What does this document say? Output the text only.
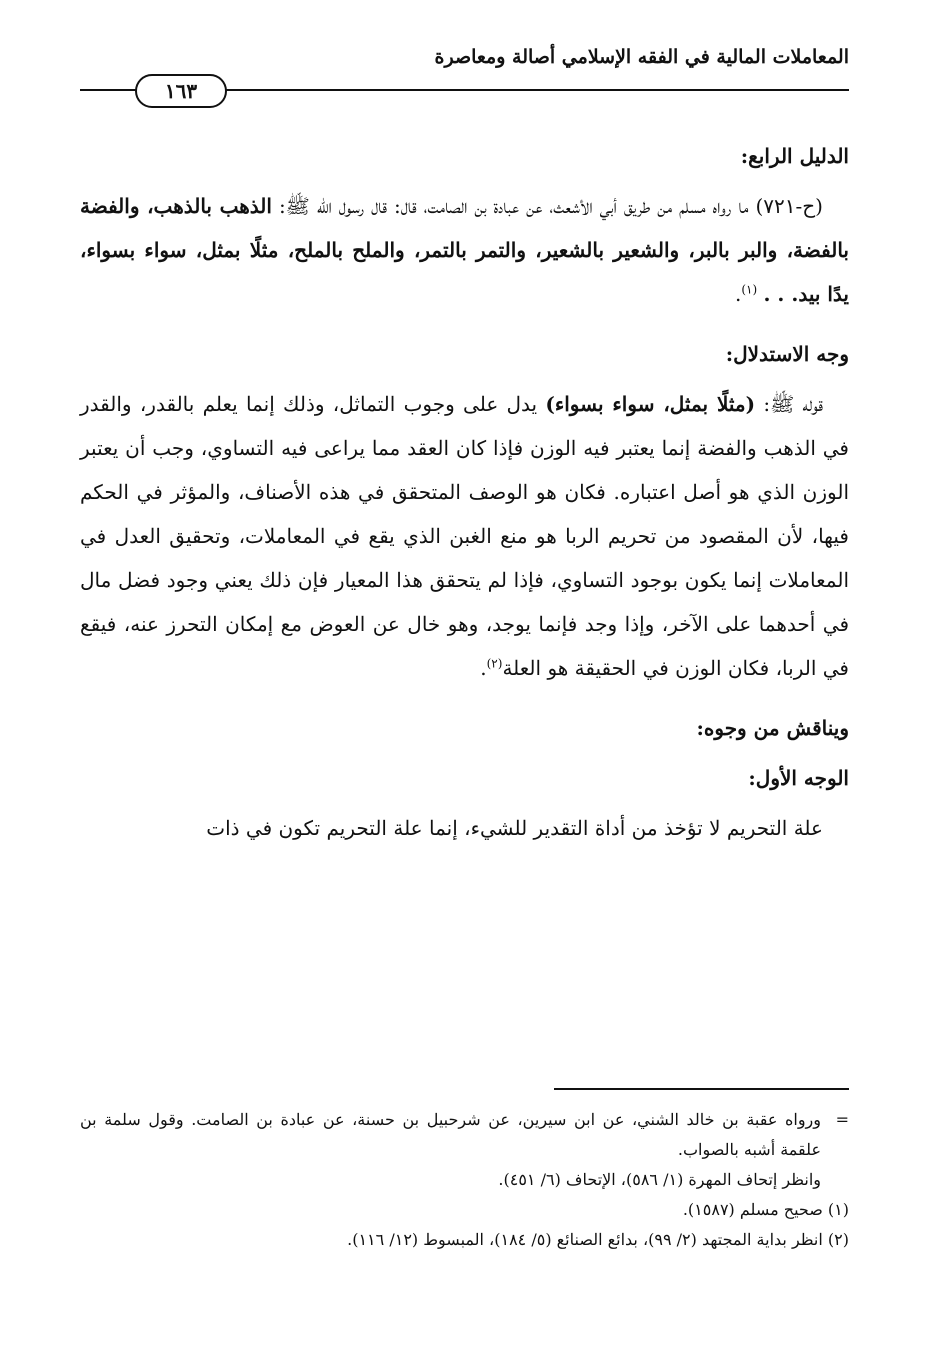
المعاملات المالية في الفقه الإسلامي أصالة ومعاصرة
١٦٣

الدليل الرابع:

(ح-٧٢١) ما رواه مسلم من طريق أبي الأشعث، عن عبادة بن الصامت، قال: قال رسول الله ﷺ: الذهب بالذهب، والفضة بالفضة، والبر بالبر، والشعير بالشعير، والتمر بالتمر، والملح بالملح، مثلًا بمثل، سواء بسواء، يدًا بيد. . . $^{(١)}$.

وجه الاستدلال:

قوله ﷺ: (مثلًا بمثل، سواء بسواء) يدل على وجوب التماثل، وذلك إنما يعلم بالقدر، والقدر في الذهب والفضة إنما يعتبر فيه الوزن فإذا كان العقد مما يراعى فيه التساوي، وجب أن يعتبر الوزن الذي هو أصل اعتباره. فكان هو الوصف المتحقق في هذه الأصناف، والمؤثر في الحكم فيها، لأن المقصود من تحريم الربا هو منع الغبن الذي يقع في المعاملات، وتحقيق العدل في المعاملات إنما يكون بوجود التساوي، فإذا لم يتحقق هذا المعيار فإن ذلك يعني وجود فضل مال في أحدهما على الآخر، وإذا وجد فإنما يوجد، وهو خال عن العوض مع إمكان التحرز عنه، فيقع في الربا، فكان الوزن في الحقيقة هو العلة$^{(٢)}$.

ويناقش من وجوه:

الوجه الأول:

علة التحريم لا تؤخذ من أداة التقدير للشيء، إنما علة التحريم تكون في ذات

=
ورواه عقبة بن خالد الشني، عن ابن سيرين، عن شرحبيل بن حسنة، عن عبادة بن الصامت. وقول سلمة بن علقمة أشبه بالصواب.

وانظر إتحاف المهرة (١/ ٥٨٦)، الإتحاف (٦/ ٤٥١).

(١) صحيح مسلم (١٥٨٧).

(٢) انظر بداية المجتهد (٢/ ٩٩)، بدائع الصنائع (٥/ ١٨٤)، المبسوط (١٢/ ١١٦).
